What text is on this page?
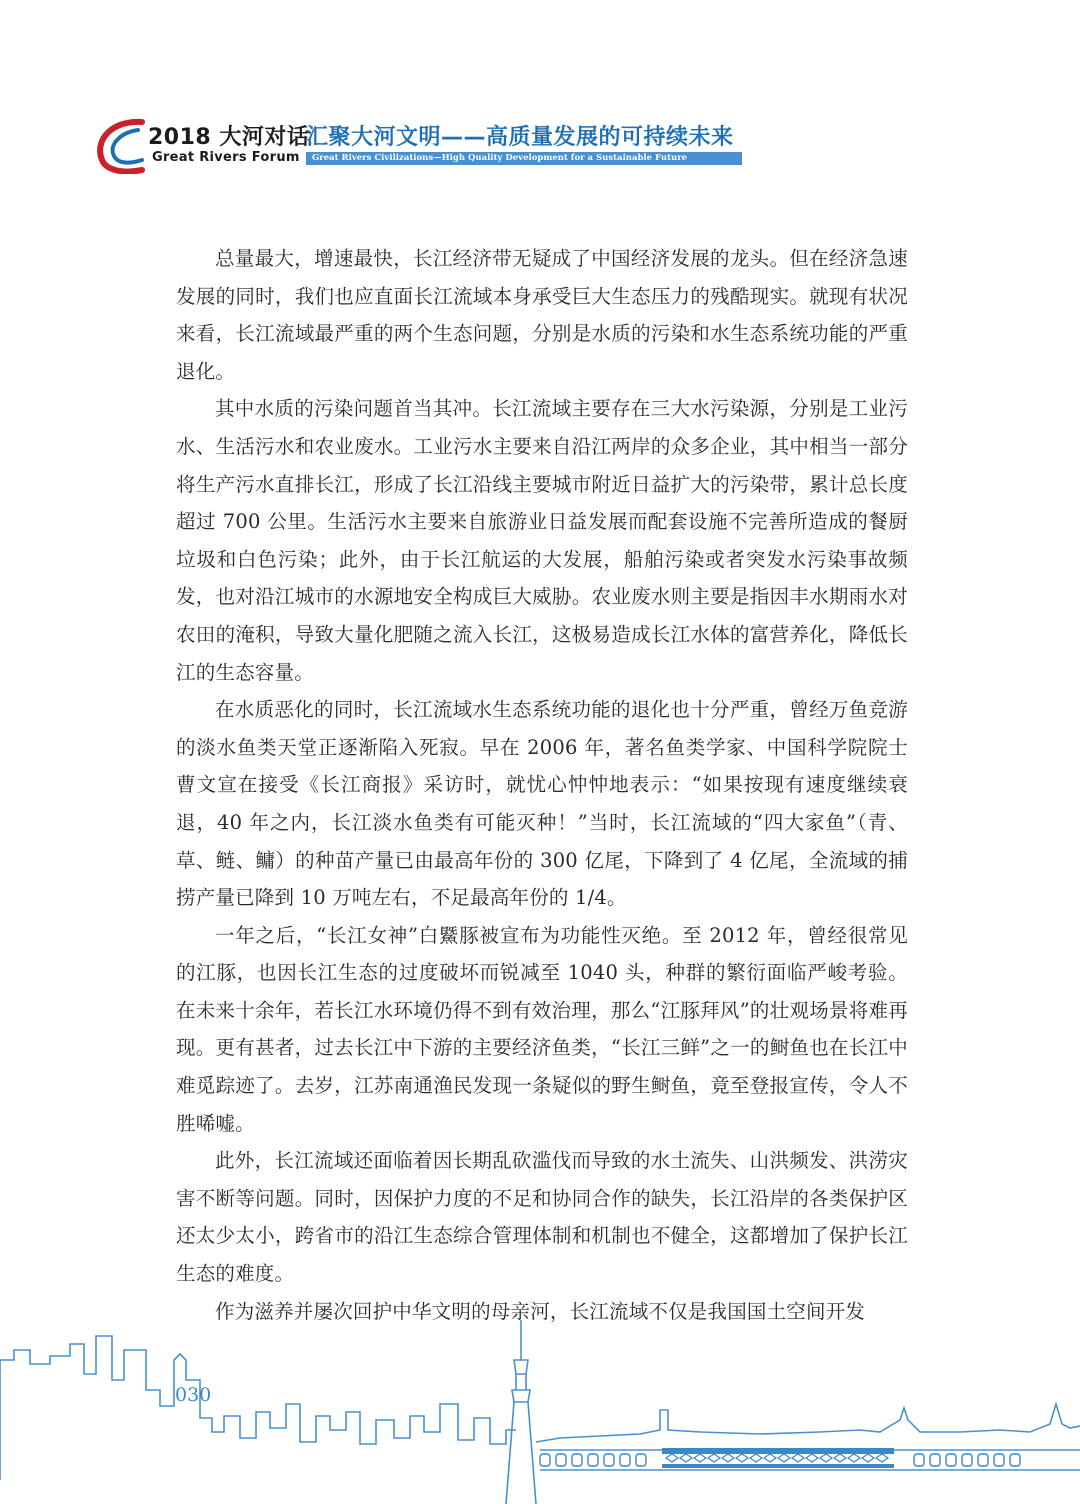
2018 大河对话
Great Rivers Forum
汇聚大河文明——高质量发展的可持续未来
Great Rivers Civilizations—High Quality Development for a Sustainable Future

总量最大，增速最快，长江经济带无疑成了中国经济发展的龙头。但在经济急速发展的同时，我们也应直面长江流域本身承受巨大生态压力的残酷现实。就现有状况来看，长江流域最严重的两个生态问题，分别是水质的污染和水生态系统功能的严重退化。

其中水质的污染问题首当其冲。长江流域主要存在三大水污染源，分别是工业污水、生活污水和农业废水。工业污水主要来自沿江两岸的众多企业，其中相当一部分将生产污水直排长江，形成了长江沿线主要城市附近日益扩大的污染带，累计总长度超过 700 公里。生活污水主要来自旅游业日益发展而配套设施不完善所造成的餐厨垃圾和白色污染；此外，由于长江航运的大发展，船舶污染或者突发水污染事故频发，也对沿江城市的水源地安全构成巨大威胁。农业废水则主要是指因丰水期雨水对农田的淹积，导致大量化肥随之流入长江，这极易造成长江水体的富营养化，降低长江的生态容量。

在水质恶化的同时，长江流域水生态系统功能的退化也十分严重，曾经万鱼竞游的淡水鱼类天堂正逐渐陷入死寂。早在 2006 年，著名鱼类学家、中国科学院院士曹文宣在接受《长江商报》采访时，就忧心忡忡地表示：“如果按现有速度继续衰退，40 年之内，长江淡水鱼类有可能灭种！”当时，长江流域的“四大家鱼”（青、草、鲢、鳙）的种苗产量已由最高年份的 300 亿尾，下降到了 4 亿尾，全流域的捕捞产量已降到 10 万吨左右，不足最高年份的 1/4。

一年之后，“长江女神”白鱀豚被宣布为功能性灭绝。至 2012 年，曾经很常见的江豚，也因长江生态的过度破坏而锐减至 1040 头，种群的繁衍面临严峻考验。在未来十余年，若长江水环境仍得不到有效治理，那么“江豚拜风”的壮观场景将难再现。更有甚者，过去长江中下游的主要经济鱼类，“长江三鲜”之一的鲥鱼也在长江中难觅踪迹了。去岁，江苏南通渔民发现一条疑似的野生鲥鱼，竟至登报宣传，令人不胜唏嘘。

此外，长江流域还面临着因长期乱砍滥伐而导致的水土流失、山洪频发、洪涝灾害不断等问题。同时，因保护力度的不足和协同合作的缺失，长江沿岸的各类保护区还太少太小，跨省市的沿江生态综合管理体制和机制也不健全，这都增加了保护长江生态的难度。

作为滋养并屡次回护中华文明的母亲河，长江流域不仅是我国国土空间开发

030
